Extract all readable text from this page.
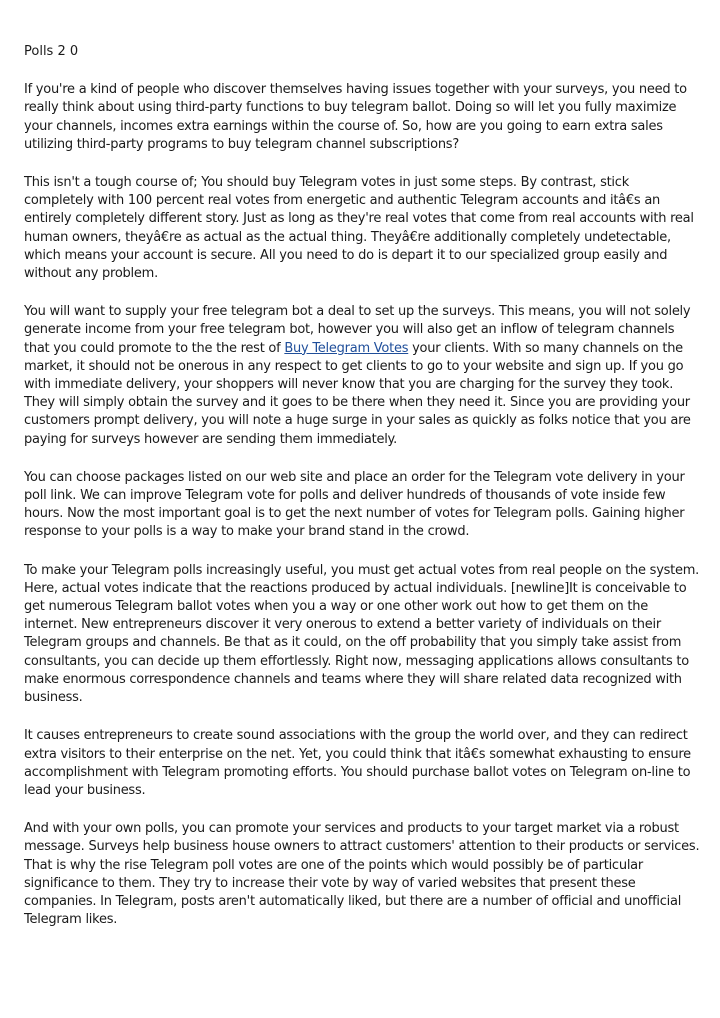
Polls 2 0

If you're a kind of people who discover themselves having issues together with your surveys, you need to really think about using third-party functions to buy telegram ballot. Doing so will let you fully maximize your channels, incomes extra earnings within the course of. So, how are you going to earn extra sales utilizing third-party programs to buy telegram channel subscriptions?

This isn't a tough course of; You should buy Telegram votes in just some steps. By contrast, stick completely with 100 percent real votes from energetic and authentic Telegram accounts and itâ€s an entirely completely different story. Just as long as they're real votes that come from real accounts with real human owners, theyâ€re as actual as the actual thing. Theyâ€re additionally completely undetectable, which means your account is secure. All you need to do is depart it to our specialized group easily and without any problem.

You will want to supply your free telegram bot a deal to set up the surveys. This means, you will not solely generate income from your free telegram bot, however you will also get an inflow of telegram channels that you could promote to the the rest of Buy Telegram Votes your clients. With so many channels on the market, it should not be onerous in any respect to get clients to go to your website and sign up. If you go with immediate delivery, your shoppers will never know that you are charging for the survey they took. They will simply obtain the survey and it goes to be there when they need it. Since you are providing your customers prompt delivery, you will note a huge surge in your sales as quickly as folks notice that you are paying for surveys however are sending them immediately.

You can choose packages listed on our web site and place an order for the Telegram vote delivery in your poll link. We can improve Telegram vote for polls and deliver hundreds of thousands of vote inside few hours. Now the most important goal is to get the next number of votes for Telegram polls. Gaining higher response to your polls is a way to make your brand stand in the crowd.

To make your Telegram polls increasingly useful, you must get actual votes from real people on the system. Here, actual votes indicate that the reactions produced by actual individuals. [newline]It is conceivable to get numerous Telegram ballot votes when you a way or one other work out how to get them on the internet. New entrepreneurs discover it very onerous to extend a better variety of individuals on their Telegram groups and channels. Be that as it could, on the off probability that you simply take assist from consultants, you can decide up them effortlessly. Right now, messaging applications allows consultants to make enormous correspondence channels and teams where they will share related data recognized with business.

It causes entrepreneurs to create sound associations with the group the world over, and they can redirect extra visitors to their enterprise on the net. Yet, you could think that itâ€s somewhat exhausting to ensure accomplishment with Telegram promoting efforts. You should purchase ballot votes on Telegram on-line to lead your business.

And with your own polls, you can promote your services and products to your target market via a robust message. Surveys help business house owners to attract customers' attention to their products or services. That is why the rise Telegram poll votes are one of the points which would possibly be of particular significance to them. They try to increase their vote by way of varied websites that present these companies. In Telegram, posts aren't automatically liked, but there are a number of official and unofficial Telegram likes.
